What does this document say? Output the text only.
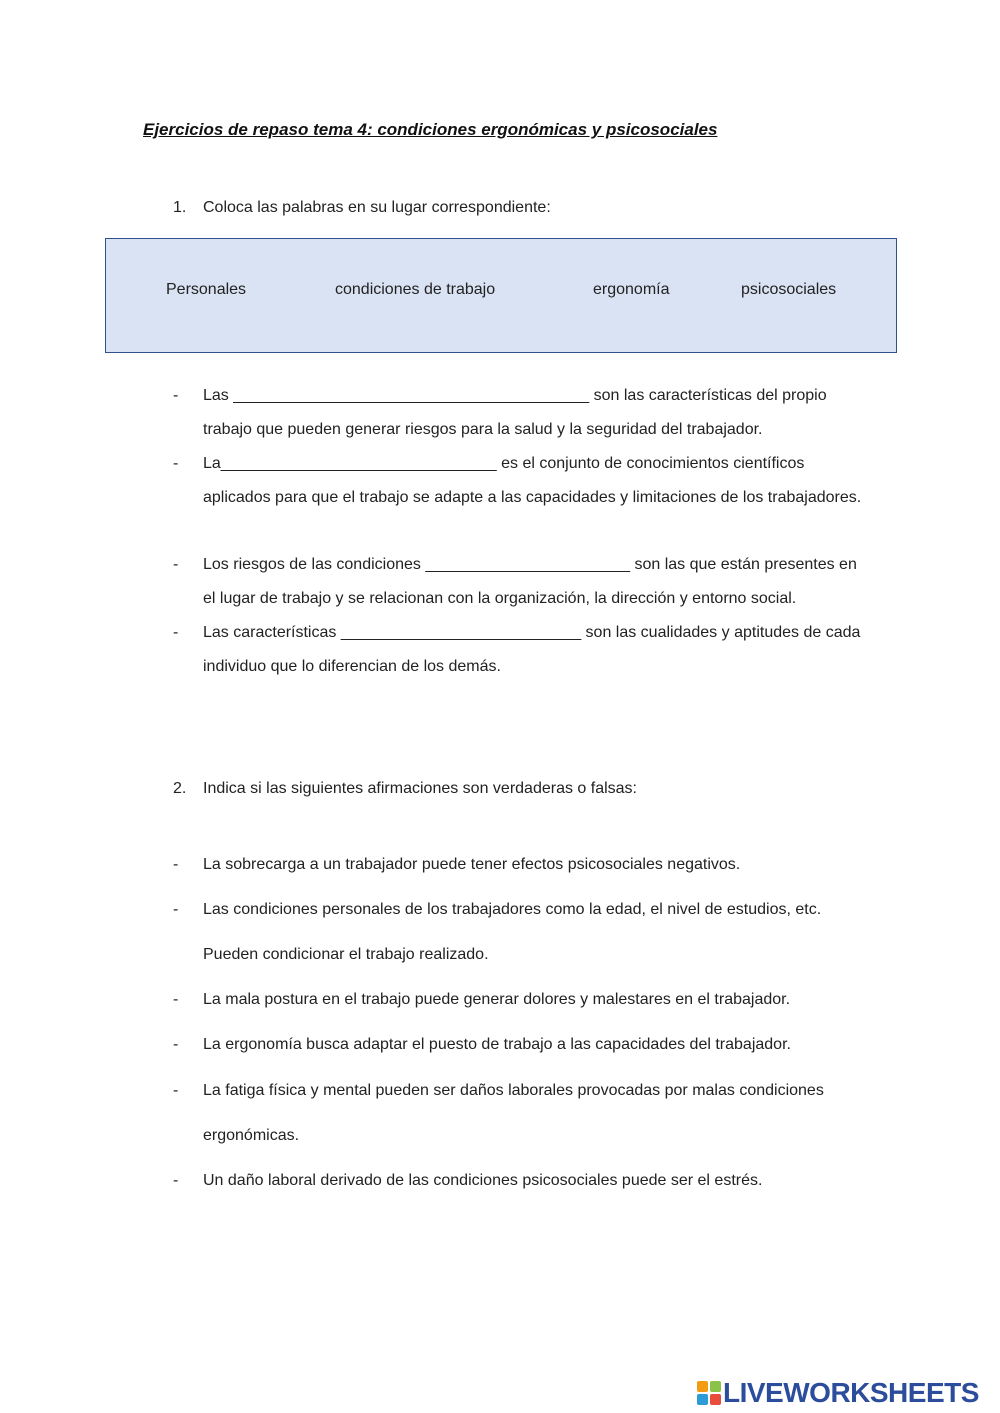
Ejercicios de repaso tema 4: condiciones ergonómicas y psicosociales
1. Coloca las palabras en su lugar correspondiente:
Personales	condiciones de trabajo	ergonomía	psicosociales
- Las ________________________________________ son las características del propio trabajo que pueden generar riesgos para la salud y la seguridad del trabajador.
- La_______________________________ es el conjunto de conocimientos científicos aplicados para que el trabajo se adapte a las capacidades y limitaciones de los trabajadores.
- Los riesgos de las condiciones _______________________ son las que están presentes en el lugar de trabajo y se relacionan con la organización, la dirección y entorno social.
- Las características ___________________________ son las cualidades y aptitudes de cada individuo que lo diferencian de los demás.
2. Indica si las siguientes afirmaciones son verdaderas o falsas:
- La sobrecarga a un trabajador puede tener efectos psicosociales negativos.
- Las condiciones personales de los trabajadores como la edad, el nivel de estudios, etc. Pueden condicionar el trabajo realizado.
- La mala postura en el trabajo puede generar dolores y malestares en el trabajador.
- La ergonomía busca adaptar el puesto de trabajo a las capacidades del trabajador.
- La fatiga física y mental pueden ser daños laborales provocadas por malas condiciones ergonómicas.
- Un daño laboral derivado de las condiciones psicosociales puede ser el estrés.
LIVEWORKSHEETS
